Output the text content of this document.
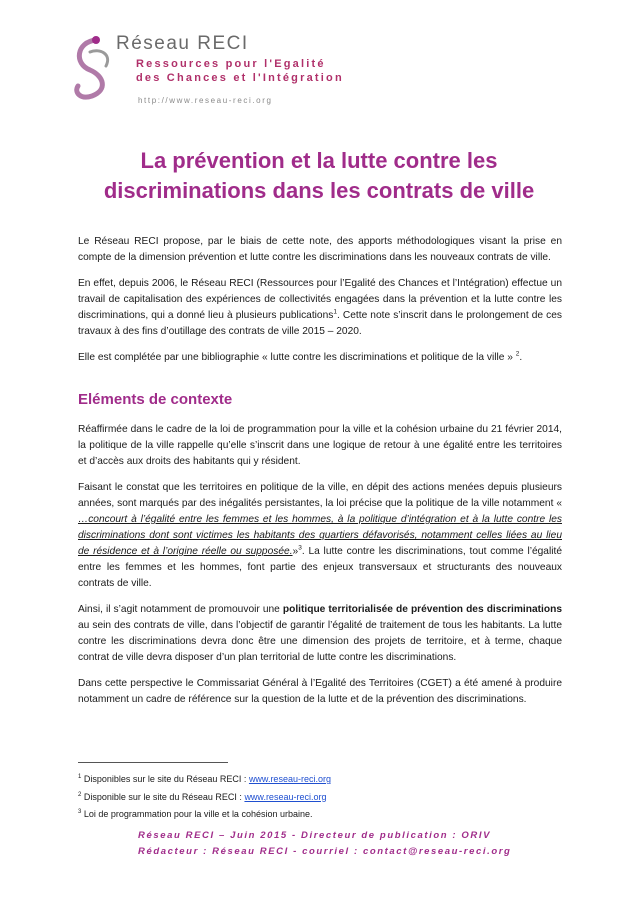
Réseau RECI
Ressources pour l'Egalité
des Chances et l'Intégration
http://www.reseau-reci.org
La prévention et la lutte contre les
discriminations dans les contrats de ville

Le Réseau RECI propose, par le biais de cette note, des apports méthodologiques visant la prise en compte de la dimension prévention et lutte contre les discriminations dans les nouveaux contrats de ville.

En effet, depuis 2006, le Réseau RECI (Ressources pour l’Egalité des Chances et l’Intégration) effectue un travail de capitalisation des expériences de collectivités engagées dans la prévention et la lutte contre les discriminations, qui a donné lieu à plusieurs publications$^1$. Cette note s’inscrit dans le prolongement de ces travaux à des fins d’outillage des contrats de ville 2015 – 2020.

Elle est complétée par une bibliographie « lutte contre les discriminations et politique de la ville » $^2$.

Eléments de contexte

Réaffirmée dans le cadre de la loi de programmation pour la ville et la cohésion urbaine du 21 février 2014, la politique de la ville rappelle qu’elle s’inscrit dans une logique de retour à une égalité entre les territoires et d’accès aux droits des habitants qui y résident.

Faisant le constat que les territoires en politique de la ville, en dépit des actions menées depuis plusieurs années, sont marqués par des inégalités persistantes, la loi précise que la politique de la ville notamment « …concourt à l’égalité entre les femmes et les hommes, à la politique d’intégration et à la lutte contre les discriminations dont sont victimes les habitants des quartiers défavorisés, notamment celles liées au lieu de résidence et à l’origine réelle ou supposée.»$^3$. La lutte contre les discriminations, tout comme l’égalité entre les femmes et les hommes, font partie des enjeux transversaux et structurants des nouveaux contrats de ville.

Ainsi, il s’agit notamment de promouvoir une politique territorialisée de prévention des discriminations au sein des contrats de ville, dans l’objectif de garantir l’égalité de traitement de tous les habitants. La lutte contre les discriminations devra donc être une dimension des projets de territoire, et à terme, chaque contrat de ville devra disposer d’un plan territorial de lutte contre les discriminations.

Dans cette perspective le Commissariat Général à l’Egalité des Territoires (CGET) a été amené à produire notamment un cadre de référence sur la question de la lutte et de la prévention des discriminations.

$^1$ Disponibles sur le site du Réseau RECI : www.reseau-reci.org

$^2$ Disponible sur le site du Réseau RECI : www.reseau-reci.org

$^3$ Loi de programmation pour la ville et la cohésion urbaine.

Réseau RECI – Juin 2015 - Directeur de publication : ORIV
Rédacteur : Réseau RECI - courriel : contact@reseau-reci.org
